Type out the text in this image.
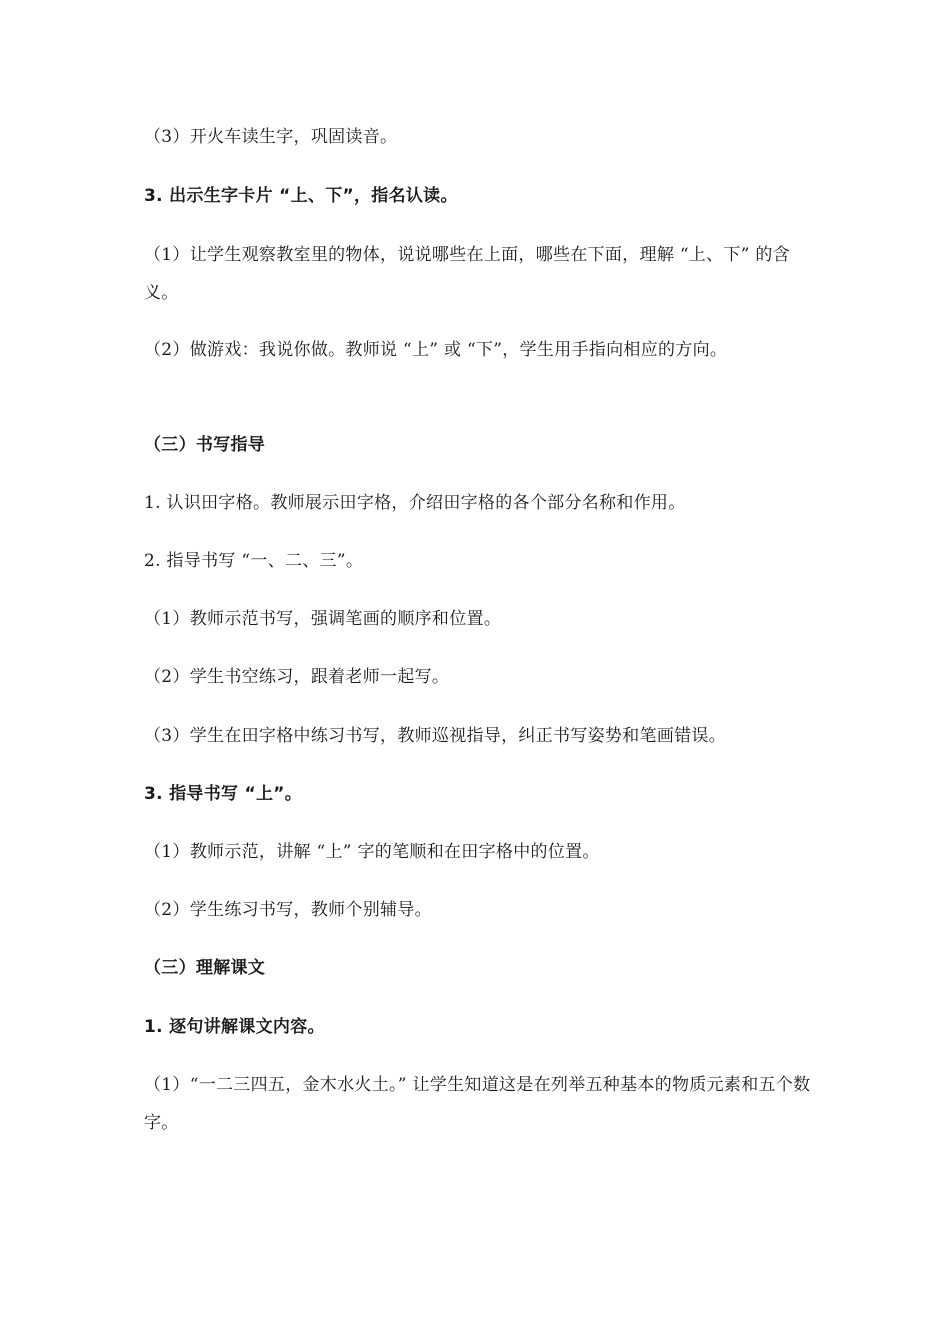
（3）开火车读生字，巩固读音。

3. 出示生字卡片 “上、下”，指名认读。

（1）让学生观察教室里的物体，说说哪些在上面，哪些在下面，理解 “上、下” 的含义。

（2）做游戏：我说你做。教师说 “上” 或 “下”，学生用手指向相应的方向。

（三）书写指导

1. 认识田字格。教师展示田字格，介绍田字格的各个部分名称和作用。

2. 指导书写 “一、二、三”。

（1）教师示范书写，强调笔画的顺序和位置。

（2）学生书空练习，跟着老师一起写。

（3）学生在田字格中练习书写，教师巡视指导，纠正书写姿势和笔画错误。

3. 指导书写 “上”。

（1）教师示范，讲解 “上” 字的笔顺和在田字格中的位置。

（2）学生练习书写，教师个别辅导。

（三）理解课文

1. 逐句讲解课文内容。

（1）“一二三四五，金木水火土。” 让学生知道这是在列举五种基本的物质元素和五个数字。
